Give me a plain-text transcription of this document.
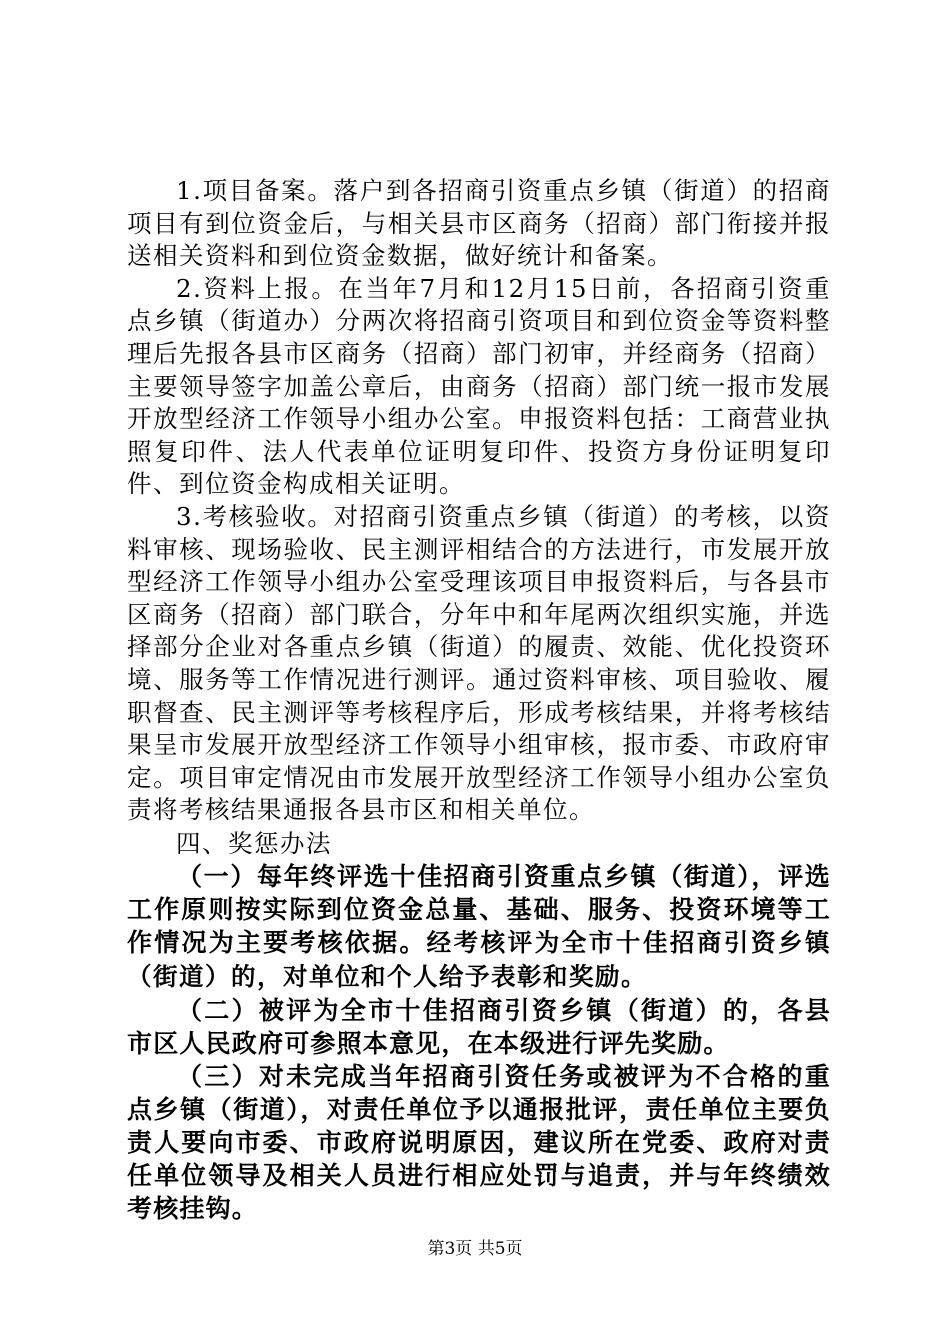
1.项目备案。落户到各招商引资重点乡镇（街道）的招商项目有到位资金后，与相关县市区商务（招商）部门衔接并报送相关资料和到位资金数据，做好统计和备案。

2.资料上报。在当年7月和12月15日前，各招商引资重点乡镇（街道办）分两次将招商引资项目和到位资金等资料整理后先报各县市区商务（招商）部门初审，并经商务（招商）主要领导签字加盖公章后，由商务（招商）部门统一报市发展开放型经济工作领导小组办公室。申报资料包括：工商营业执照复印件、法人代表单位证明复印件、投资方身份证明复印件、到位资金构成相关证明。

3.考核验收。对招商引资重点乡镇（街道）的考核，以资料审核、现场验收、民主测评相结合的方法进行，市发展开放型经济工作领导小组办公室受理该项目申报资料后，与各县市区商务（招商）部门联合，分年中和年尾两次组织实施，并选择部分企业对各重点乡镇（街道）的履责、效能、优化投资环境、服务等工作情况进行测评。通过资料审核、项目验收、履职督查、民主测评等考核程序后，形成考核结果，并将考核结果呈市发展开放型经济工作领导小组审核，报市委、市政府审定。项目审定情况由市发展开放型经济工作领导小组办公室负责将考核结果通报各县市区和相关单位。

四、奖惩办法

（一）每年终评选十佳招商引资重点乡镇（街道），评选工作原则按实际到位资金总量、基础、服务、投资环境等工作情况为主要考核依据。经考核评为全市十佳招商引资乡镇（街道）的，对单位和个人给予表彰和奖励。

（二）被评为全市十佳招商引资乡镇（街道）的，各县市区人民政府可参照本意见，在本级进行评先奖励。

（三）对未完成当年招商引资任务或被评为不合格的重点乡镇（街道），对责任单位予以通报批评，责任单位主要负责人要向市委、市政府说明原因，建议所在党委、政府对责任单位领导及相关人员进行相应处罚与追责，并与年终绩效考核挂钩。

第3页 共5页
